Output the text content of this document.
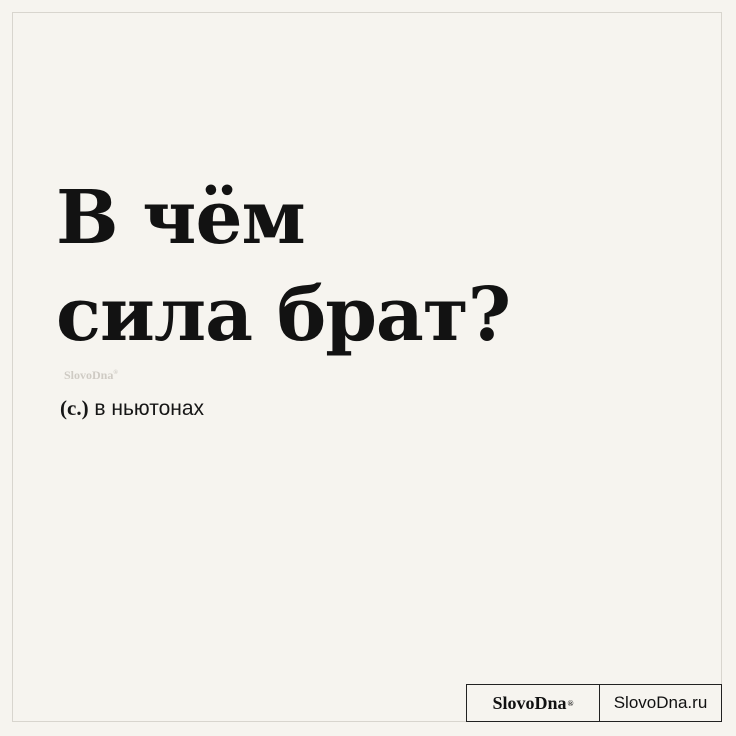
В чём
сила брат?
SlovoDna®
(с.) в ньютонах
SlovoDna ®	SlovoDna.ru
